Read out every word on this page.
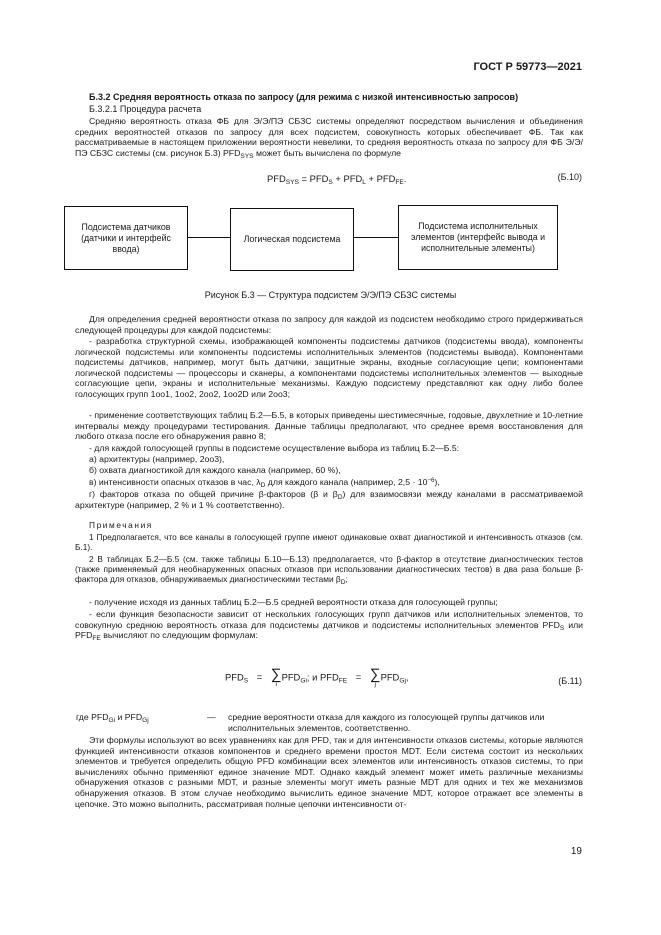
ГОСТ Р 59773—2021
Б.3.2 Средняя вероятность отказа по запросу (для режима с низкой интенсивностью запросов)
Б.3.2.1 Процедура расчета
Средняю вероятность отказа ФБ для Э/Э/ПЭ СБЗС системы определяют посредством вычисления и объединения средних вероятностей отказов по запросу для всех подсистем, совокупность которых обеспечивает ФБ. Так как рассматриваемые в настоящем приложении вероятности невелики, то средняя вероятность отказа по запросу для ФБ Э/Э/ПЭ СБЗС системы (см. рисунок Б.3) $PFD_{SYS}$ может быть вычислена по формуле
$PFD_{SYS} = PFD_S + PFD_L + PFD_{FE}$.	(Б.10)
Подсистема датчиков (датчики и интерфейс ввода)
Логическая подсистема
Подсистема исполнительных элементов (интерфейс вывода и исполнительные элементы)
Рисунок Б.3 — Структура подсистем Э/Э/ПЭ СБЗС системы
Для определения средней вероятности отказа по запросу для каждой из подсистем необходимо строго придерживаться следующей процедуры для каждой подсистемы:
- разработка структурной схемы, изображающей компоненты подсистемы датчиков (подсистемы ввода), компоненты логической подсистемы или компоненты подсистемы исполнительных элементов (подсистемы вывода). Компонентами подсистемы датчиков, например, могут быть датчики, защитные экраны, входные согласующие цепи; компонентами логической подсистемы — процессоры и сканеры, а компонентами подсистемы исполнительных элементов — выходные согласующие цепи, экраны и исполнительные механизмы. Каждую подсистему представляют как одну либо более голосующих групп 1оо1, 1оо2, 2оо2, 1оо2D или 2оо3;
- применение соответствующих таблиц Б.2—Б.5, в которых приведены шестимесячные, годовые, двухлетние и 10-летние интервалы между процедурами тестирования. Данные таблицы предполагают, что среднее время восстановления для любого отказа после его обнаружения равно 8;
- для каждой голосующей группы в подсистеме осуществление выбора из таблиц Б.2—Б.5:
а) архитектуры (например, 2оо3),
б) охвата диагностикой для каждого канала (например, 60 %),
в) интенсивности опасных отказов в час, $\lambda_D$ для каждого канала (например, $2,5 \cdot 10^{-6}$),
г) факторов отказа по общей причине β-факторов (β и $\beta_D$) для взаимосвязи между каналами в рассматриваемой архитектуре (например, 2 % и 1 % соответственно).
Примечания
1 Предполагается, что все каналы в голосующей группе имеют одинаковые охват диагностикой и интенсивность отказов (см. Б.1).
2 В таблицах Б.2—Б.5 (см. также таблицы Б.10—Б.13) предполагается, что β-фактор в отсутствие диагностических тестов (также применяемый для необнаруженных опасных отказов при использовании диагностических тестов) в два раза больше β-фактора для отказов, обнаруживаемых диагностическими тестами $\beta_D$;
- получение исходя из данных таблиц Б.2—Б.5 средней вероятности отказа для голосующей группы;
- если функция безопасности зависит от нескольких голосующих групп датчиков или исполнительных элементов, то совокупную среднюю вероятность отказа для подсистемы датчиков и подсистемы исполнительных элементов $PFD_S$ или $PFD_{FE}$ вычисляют по следующим формулам:
$PFD_S$ = ∑
i
$PFD_{Gi}$; и $PFD_{FE}$ = ∑
j
$PFD_{Gj}$,	(Б.11)
где $PFD_{Gi}$ и $PFD_{Gj}$	— средние вероятности отказа для каждого из голосующей группы датчиков или исполнительных элементов, соответственно.
Эти формулы используют во всех уравнениях как для PFD, так и для интенсивности отказов системы, которые являются функцией интенсивности отказов компонентов и среднего времени простоя MDT. Если система состоит из нескольких элементов и требуется определить общую PFD комбинации всех элементов или интенсивность отказов системы, то при вычислениях обычно применяют единое значение MDT. Однако каждый элемент может иметь различные механизмы обнаружения отказов с разными MDT, и разные элементы могут иметь разные MDT для одних и тех же механизмов обнаружения отказов. В этом случае необходимо вычислить единое значение MDT, которое отражает все элементы в цепочке. Это можно выполнить, рассматривая полные цепочки интенсивности от-
19
